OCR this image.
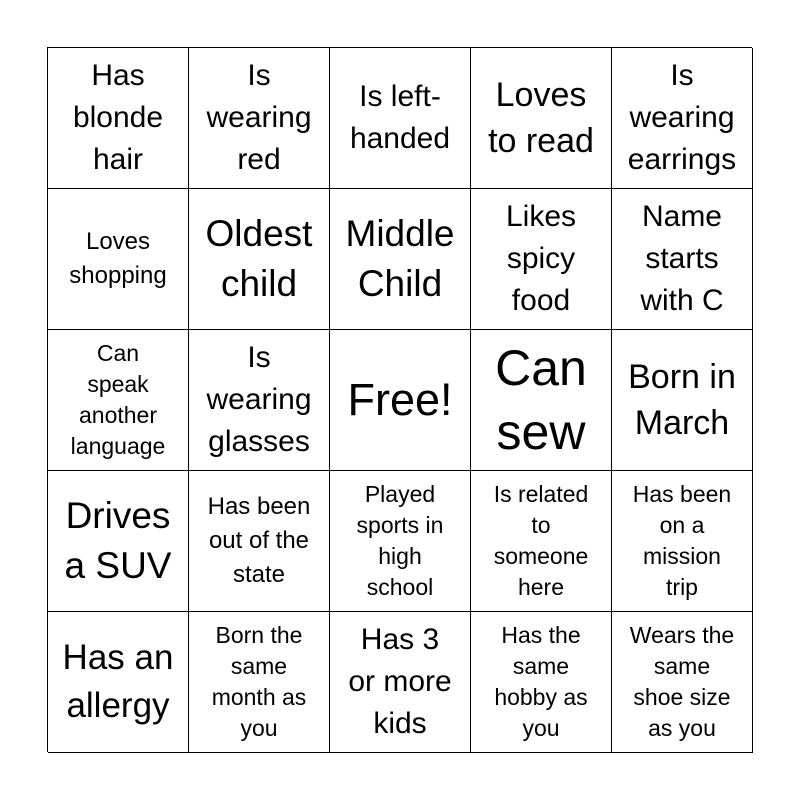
Has
blonde
hair
Is
wearing
red
Is left-
handed
Loves
to read
Is
wearing
earrings
Loves
shopping
Oldest
child
Middle
Child
Likes
spicy
food
Name
starts
with C
Can
speak
another
language
Is
wearing
glasses
Free!
Can
sew
Born in
March
Drives
a SUV
Has been
out of the
state
Played
sports in
high
school
Is related
to
someone
here
Has been
on a
mission
trip
Has an
allergy
Born the
same
month as
you
Has 3
or more
kids
Has the
same
hobby as
you
Wears the
same
shoe size
as you
